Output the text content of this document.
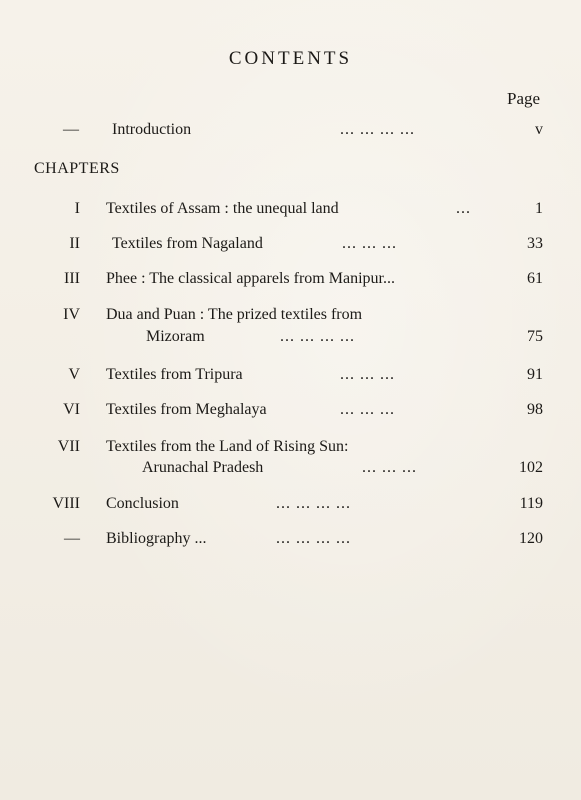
CONTENTS
Page
— Introduction	... ... ... ...	v
CHAPTERS
I Textiles of Assam : the unequal land	...	1
II Textiles from Nagaland	... ... ...	33
III Phee : The classical apparels from Manipur...	61
IV Dua and Puan : The prized textiles from
Mizoram	... ... ... ...	75
V Textiles from Tripura	... ... ...	91
VI Textiles from Meghalaya	... ... ...	98
VII Textiles from the Land of Rising Sun:
Arunachal Pradesh	... ... ...	102
VIII Conclusion	... ... ... ...	119
— Bibliography ...	... ... ... ...	120
